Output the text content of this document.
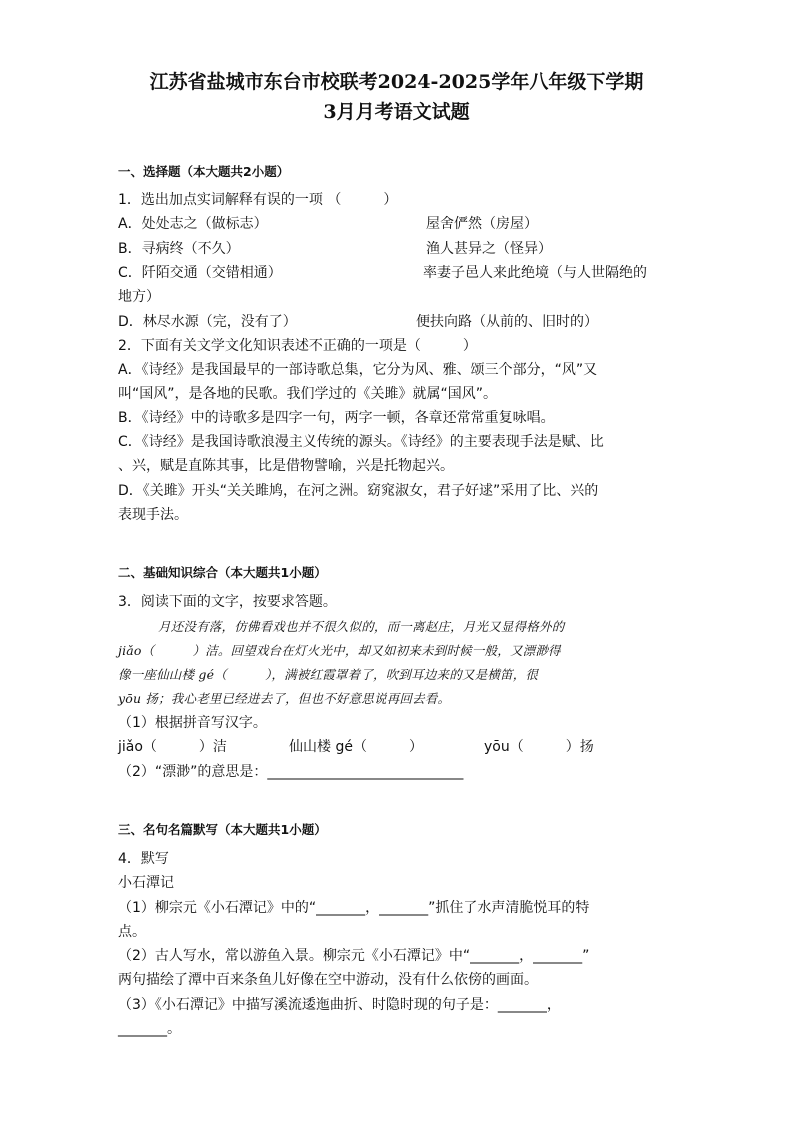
江苏省盐城市东台市校联考2024-2025学年八年级下学期
3月月考语文试题
一、选择题（本大题共2小题）
1．选出加点实词解释有误的一项 （　　　）
A．处处志之（做标志）	屋舍俨然（房屋）
B．寻病终（不久）	渔人甚异之（怪异）
C．阡陌交通（交错相通）	率妻子邑人来此绝境（与人世隔绝的
地方）
D．林尽水源（完，没有了）	便扶向路（从前的、旧时的）
2．下面有关文学文化知识表述不正确的一项是（　　　）
A．《诗经》是我国最早的一部诗歌总集，它分为风、雅、颂三个部分，“风”又
叫“国风”，是各地的民歌。我们学过的《关雎》就属“国风”。
B．《诗经》中的诗歌多是四字一句，两字一顿，各章还常常重复咏唱。
C．《诗经》是我国诗歌浪漫主义传统的源头。《诗经》的主要表现手法是赋、比
、兴，赋是直陈其事，比是借物譬喻，兴是托物起兴。
D．《关雎》开头“关关雎鸠，在河之洲。窈窕淑女，君子好逑”采用了比、兴的
表现手法。
二、基础知识综合（本大题共1小题）
3．阅读下面的文字，按要求答题。
月还没有落，仿佛看戏也并不很久似的，而一离赵庄，月光又显得格外的
jiǎo（　　　）洁。回望戏台在灯火光中，却又如初来未到时候一般，又漂渺得
像一座仙山楼 gé（　　　），满被红霞罩着了，吹到耳边来的又是横笛，很
yōu 扬；我心老里已经进去了，但也不好意思说再回去看。
（1）根据拼音写汉字。
jiǎo（　　　）洁	仙山楼 gé（　　　）	yōu（　　　）扬
（2）“漂渺”的意思是：____________________________
三、名句名篇默写（本大题共1小题）
4．默写
小石潭记
（1）柳宗元《小石潭记》中的“_______，_______”抓住了水声清脆悦耳的特
点。
（2）古人写水，常以游鱼入景。柳宗元《小石潭记》中“_______，_______”
两句描绘了潭中百来条鱼儿好像在空中游动，没有什么依傍的画面。
（3）《小石潭记》中描写溪流逶迤曲折、时隐时现的句子是：_______，
_______。
